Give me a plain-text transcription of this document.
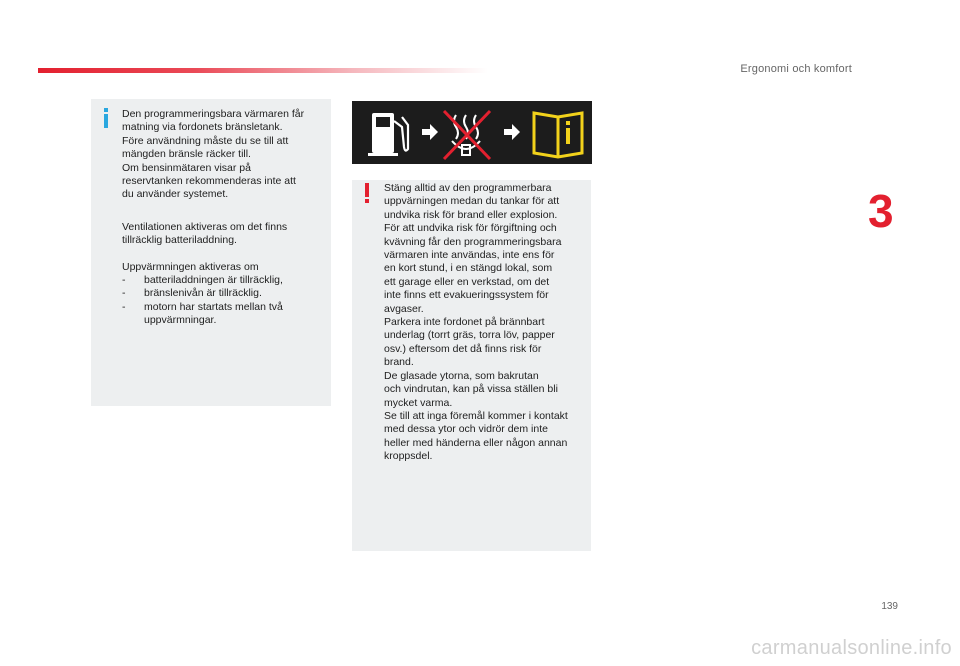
Ergonomi och komfort
3

Den programmeringsbara värmaren får
matning via fordonets bränsletank.
Före användning måste du se till att
mängden bränsle räcker till.
Om bensinmätaren visar på
reservtanken rekommenderas inte att
du använder systemet.

Ventilationen aktiveras om det finns
tillräcklig batteriladdning.

Uppvärmningen aktiveras om

- batteriladdningen är tillräcklig,
- bränslenivån är tillräcklig.
- motorn har startats mellan två
uppvärmningar.

Stäng alltid av den programmerbara
uppvärningen medan du tankar för att
undvika risk för brand eller explosion.
För att undvika risk för förgiftning och
kvävning får den programmeringsbara
värmaren inte användas, inte ens för
en kort stund, i en stängd lokal, som
ett garage eller en verkstad, om det
inte finns ett evakueringssystem för
avgaser.
Parkera inte fordonet på brännbart
underlag (torrt gräs, torra löv, papper
osv.) eftersom det då finns risk för
brand.
De glasade ytorna, som bakrutan
och vindrutan, kan på vissa ställen bli
mycket varma.
Se till att inga föremål kommer i kontakt
med dessa ytor och vidrör dem inte
heller med händerna eller någon annan
kroppsdel.

139
carmanualsonline.info
